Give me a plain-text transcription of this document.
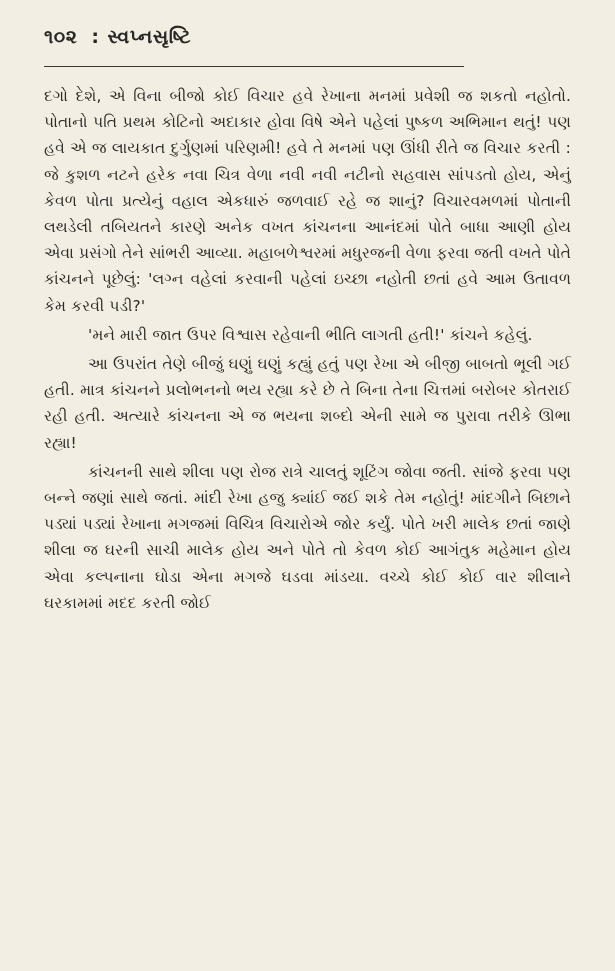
૧૦૨ : સ્વપ્નસૃષ્ટિ

દગો દેશે, એ વિના બીજો કોઈ વિચાર હવે રેખાના મનમાં પ્રવેશી જ શકતો નહોતો. પોતાનો પતિ પ્રથમ કોટિનો અદાકાર હોવા વિષે એને પહેલાં પુષ્કળ અભિમાન થતું! પણ હવે એ જ લાયકાત દુર્ગુણમાં પરિણમી! હવે તે મનમાં પણ ઊંધી રીતે જ વિચાર કરતી : જે કુશળ નટને હરેક નવા ચિત્ર વેળા નવી નવી નટીનો સહવાસ સાંપડતો હોય, એનું કેવળ પોતા પ્રત્યેનું વહાલ એકધારું જળવાઈ રહે જ શાનું? વિચારવમળમાં પોતાની લથડેલી તબિયતને કારણે અનેક વખત કાંચનના આનંદમાં પોતે બાધા આણી હોય એવા પ્રસંગો તેને સાંભરી આવ્યા. મહાબળેશ્વરમાં મધુરજની વેળા ફરવા જતી વખતે પોતે કાંચનને પૂછેલું: 'લગ્ન વહેલાં કરવાની પહેલાં ઇચ્છા નહોતી છતાં હવે આમ ઉતાવળ કેમ કરવી પડી?'

'મને મારી જાત ઉપર વિશ્વાસ રહેવાની ભીતિ લાગતી હતી!' કાંચને કહેલું.

આ ઉપરાંત તેણે બીજું ઘણું ઘણું કહ્યું હતું પણ રેખા એ બીજી બાબતો ભૂલી ગઈ હતી. માત્ર કાંચનને પ્રલોભનનો ભય રહ્યા કરે છે તે બિના તેના ચિત્તમાં બરોબર કોતરાઈ રહી હતી. અત્યારે કાંચનના એ જ ભયના શબ્દો એની સામે જ પુરાવા તરીકે ઊભા રહ્યા!

કાંચનની સાથે શીલા પણ રોજ રાત્રે ચાલતું શૂટિંગ જોવા જતી. સાંજે ફરવા પણ બન્ને જણાં સાથે જતાં. માંદી રેખા હજુ ક્યાંઈ જઈ શકે તેમ નહોતું! માંદગીને બિછાને પડ્યાં પડ્યાં રેખાના મગજમાં વિચિત્ર વિચારોએ જોર કર્યું. પોતે ખરી માલેક છતાં જાણે શીલા જ ઘરની સાચી માલેક હોય અને પોતે તો કેવળ કોઈ આગંતુક મહેમાન હોય એવા કલ્પનાના ઘોડા એના મગજે ઘડવા માંડયા. વચ્ચે કોઈ કોઈ વાર શીલાને ઘરકામમાં મદદ કરતી જોઈ
